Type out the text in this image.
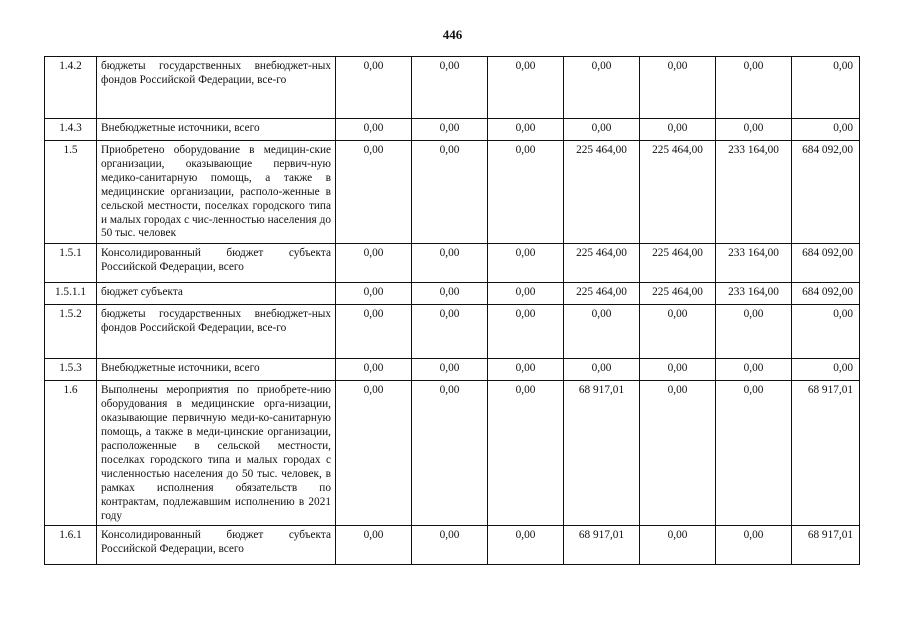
446
1.4.2	бюджеты государственных внебюджет-ных фондов Российской Федерации, все-го	0,00	0,00	0,00	0,00	0,00	0,00	0,00
1.4.3	Внебюджетные источники, всего	0,00	0,00	0,00	0,00	0,00	0,00	0,00
1.5	Приобретено оборудование в медицин-ские организации, оказывающие первич-ную медико-санитарную помощь, а также в медицинские организации, располо-женные в сельской местности, поселках городского типа и малых городах с чис-ленностью населения до 50 тыс. человек	0,00	0,00	0,00	225 464,00	225 464,00	233 164,00	684 092,00
1.5.1	Консолидированный бюджет субъекта Российской Федерации, всего	0,00	0,00	0,00	225 464,00	225 464,00	233 164,00	684 092,00
1.5.1.1	бюджет субъекта	0,00	0,00	0,00	225 464,00	225 464,00	233 164,00	684 092,00
1.5.2	бюджеты государственных внебюджет-ных фондов Российской Федерации, все-го	0,00	0,00	0,00	0,00	0,00	0,00	0,00
1.5.3	Внебюджетные источники, всего	0,00	0,00	0,00	0,00	0,00	0,00	0,00
1.6	Выполнены мероприятия по приобрете-нию оборудования в медицинские орга-низации, оказывающие первичную меди-ко-санитарную помощь, а также в меди-цинские организации, расположенные в сельской местности, поселках городского типа и малых городах с численностью населения до 50 тыс. человек, в рамках исполнения обязательств по контрактам, подлежавшим исполнению в 2021 году	0,00	0,00	0,00	68 917,01	0,00	0,00	68 917,01
1.6.1	Консолидированный бюджет субъекта Российской Федерации, всего	0,00	0,00	0,00	68 917,01	0,00	0,00	68 917,01
